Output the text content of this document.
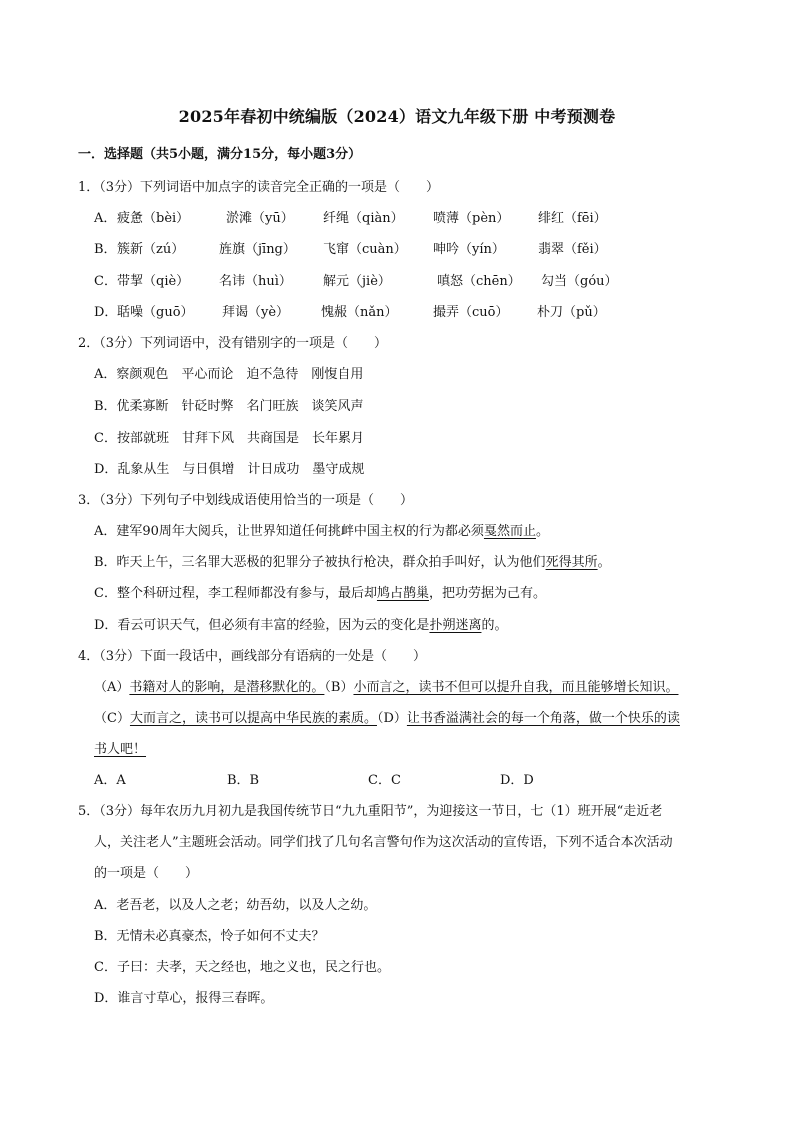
2025年春初中统编版（2024）语文九年级下册 中考预测卷
一．选择题（共5小题，满分15分，每小题3分）
1．（3分）下列词语中加点字的读音完全正确的一项是（　　）
A． 疲惫（bèi）	淤滩（yū） 纤绳（qiàn） 喷薄（pèn） 绯红（fēi）
B． 簇新（zú）	旌旗（jīng） 飞窜（cuàn） 呻吟（yín）	翡翠（fěi）
C． 带挈（qiè） 名讳（huì） 解元（jiè）	嗔怒（chēn） 勾当（góu）
D． 聒噪（guō） 拜谒（yè） 愧赧（nǎn）	撮弄（cuō） 朴刀（pǔ）
2．（3分）下列词语中，没有错别字的一项是（　　）
A．察颜观色　平心而论　迫不急待　刚愎自用
B．优柔寡断　针砭时弊　名门旺族　谈笑风声
C．按部就班　甘拜下风　共商国是　长年累月
D．乱象从生　与日俱增　计日成功　墨守成规
3．（3分）下列句子中划线成语使用恰当的一项是（　　）
A．建军90周年大阅兵，让世界知道任何挑衅中国主权的行为都必须戛然而止。
B．昨天上午，三名罪大恶极的犯罪分子被执行枪决，群众拍手叫好，认为他们死得其所。
C．整个科研过程，李工程师都没有参与，最后却鸠占鹊巢，把功劳据为己有。
D．看云可识天气，但必须有丰富的经验，因为云的变化是扑朔迷离的。
4．（3分）下面一段话中，画线部分有语病的一处是（　　）
（A）书籍对人的影响，是潜移默化的。（B）小而言之，读书不但可以提升自我，而且能够增长知识。
（C）大而言之，读书可以提高中华民族的素质。（D）让书香溢满社会的每一个角落，做一个快乐的读
书人吧！
A．A	B．B	C．C	D．D
5．（3分）每年农历九月初九是我国传统节日“九九重阳节”，为迎接这一节日，七（1）班开展“走近老
人，关注老人”主题班会活动。同学们找了几句名言警句作为这次活动的宣传语，下列不适合本次活动
的一项是（　　）
A．老吾老，以及人之老；幼吾幼，以及人之幼。
B．无情未必真豪杰，怜子如何不丈夫？
C．子曰：夫孝，天之经也，地之义也，民之行也。
D．谁言寸草心，报得三春晖。
